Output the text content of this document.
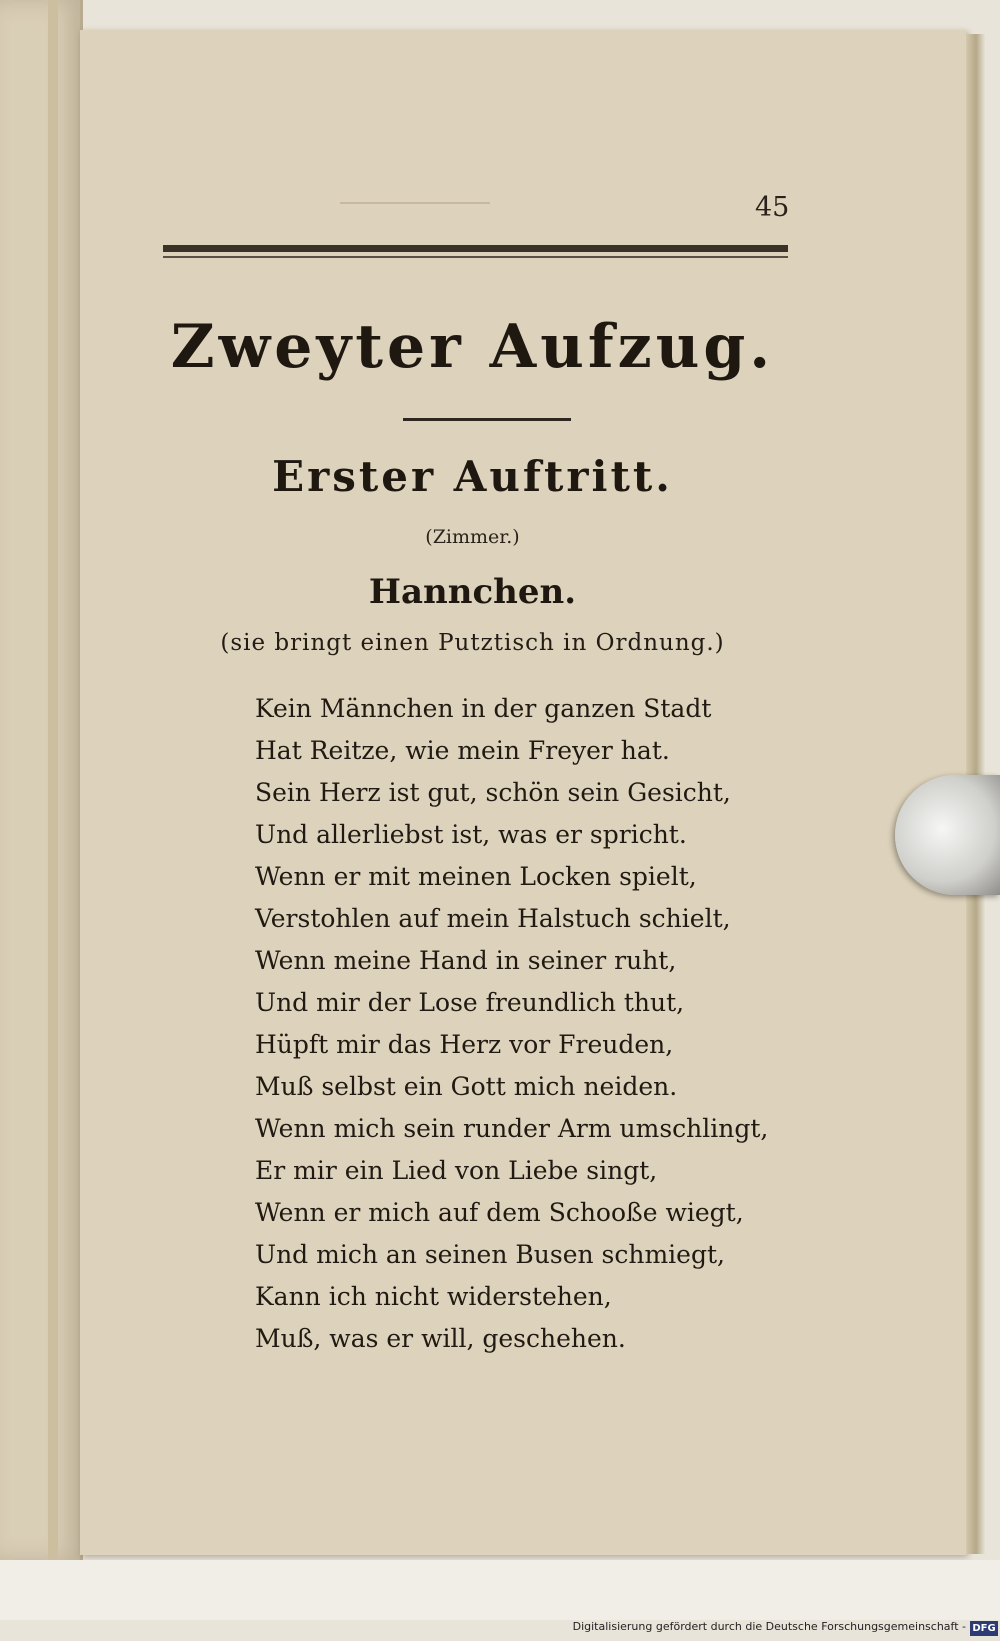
45
Zweyter Aufzug.
Erster Auftritt.
(Zimmer.)
Hannchen.
(sie bringt einen Putztisch in Ordnung.)
Kein Männchen in der ganzen Stadt
Hat Reitze, wie mein Freyer hat.
Sein Herz ist gut, schön sein Gesicht,
Und allerliebst ist, was er spricht.
Wenn er mit meinen Locken spielt,
Verstohlen auf mein Halstuch schielt,
Wenn meine Hand in seiner ruht,
Und mir der Lose freundlich thut,
Hüpft mir das Herz vor Freuden,
Muß selbst ein Gott mich neiden.
Wenn mich sein runder Arm umschlingt,
Er mir ein Lied von Liebe singt,
Wenn er mich auf dem Schooße wiegt,
Und mich an seinen Busen schmiegt,
Kann ich nicht widerstehen,
Muß, was er will, geschehen.
Digitalisierung gefördert durch die Deutsche Forschungsgemeinschaft - DFG
